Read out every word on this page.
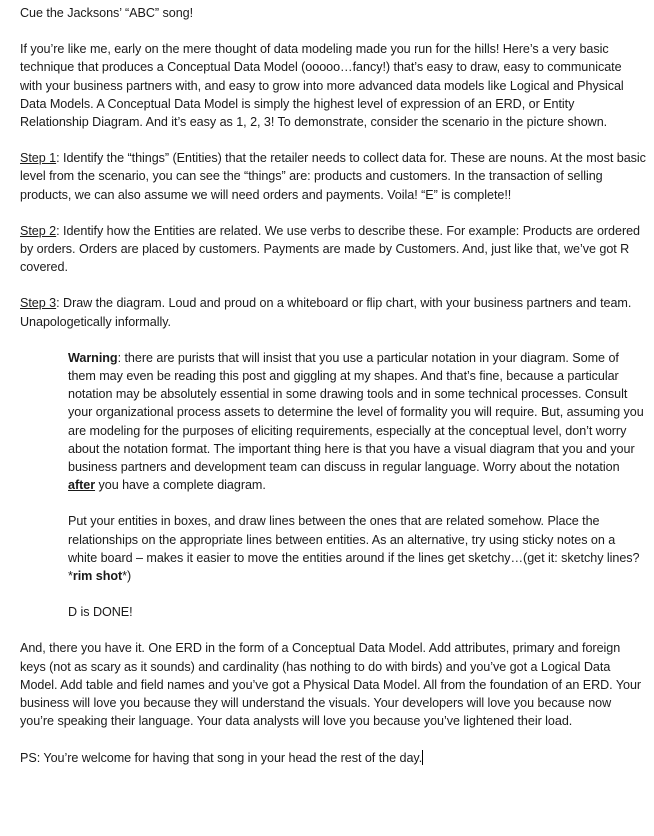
Cue the Jacksons’ “ABC” song!

If you’re like me, early on the mere thought of data modeling made you run for the hills! Here’s a very basic technique that produces a Conceptual Data Model (ooooo…fancy!) that’s easy to draw, easy to communicate with your business partners with, and easy to grow into more advanced data models like Logical and Physical Data Models. A Conceptual Data Model is simply the highest level of expression of an ERD, or Entity Relationship Diagram. And it’s easy as 1, 2, 3! To demonstrate, consider the scenario in the picture shown.

Step 1: Identify the “things” (Entities) that the retailer needs to collect data for. These are nouns. At the most basic level from the scenario, you can see the “things” are: products and customers. In the transaction of selling products, we can also assume we will need orders and payments. Voila! “E” is complete!!

Step 2: Identify how the Entities are related. We use verbs to describe these. For example: Products are ordered by orders. Orders are placed by customers. Payments are made by Customers. And, just like that, we’ve got R covered.

Step 3: Draw the diagram. Loud and proud on a whiteboard or flip chart, with your business partners and team. Unapologetically informally.

Warning: there are purists that will insist that you use a particular notation in your diagram. Some of them may even be reading this post and giggling at my shapes. And that’s fine, because a particular notation may be absolutely essential in some drawing tools and in some technical processes. Consult your organizational process assets to determine the level of formality you will require. But, assuming you are modeling for the purposes of eliciting requirements, especially at the conceptual level, don’t worry about the notation format. The important thing here is that you have a visual diagram that you and your business partners and development team can discuss in regular language. Worry about the notation after you have a complete diagram.

Put your entities in boxes, and draw lines between the ones that are related somehow. Place the relationships on the appropriate lines between entities. As an alternative, try using sticky notes on a white board – makes it easier to move the entities around if the lines get sketchy…(get it: sketchy lines? *rim shot*)

D is DONE!

And, there you have it. One ERD in the form of a Conceptual Data Model. Add attributes, primary and foreign keys (not as scary as it sounds) and cardinality (has nothing to do with birds) and you’ve got a Logical Data Model. Add table and field names and you’ve got a Physical Data Model. All from the foundation of an ERD. Your business will love you because they will understand the visuals. Your developers will love you because now you’re speaking their language. Your data analysts will love you because you’ve lightened their load.

PS: You’re welcome for having that song in your head the rest of the day.
